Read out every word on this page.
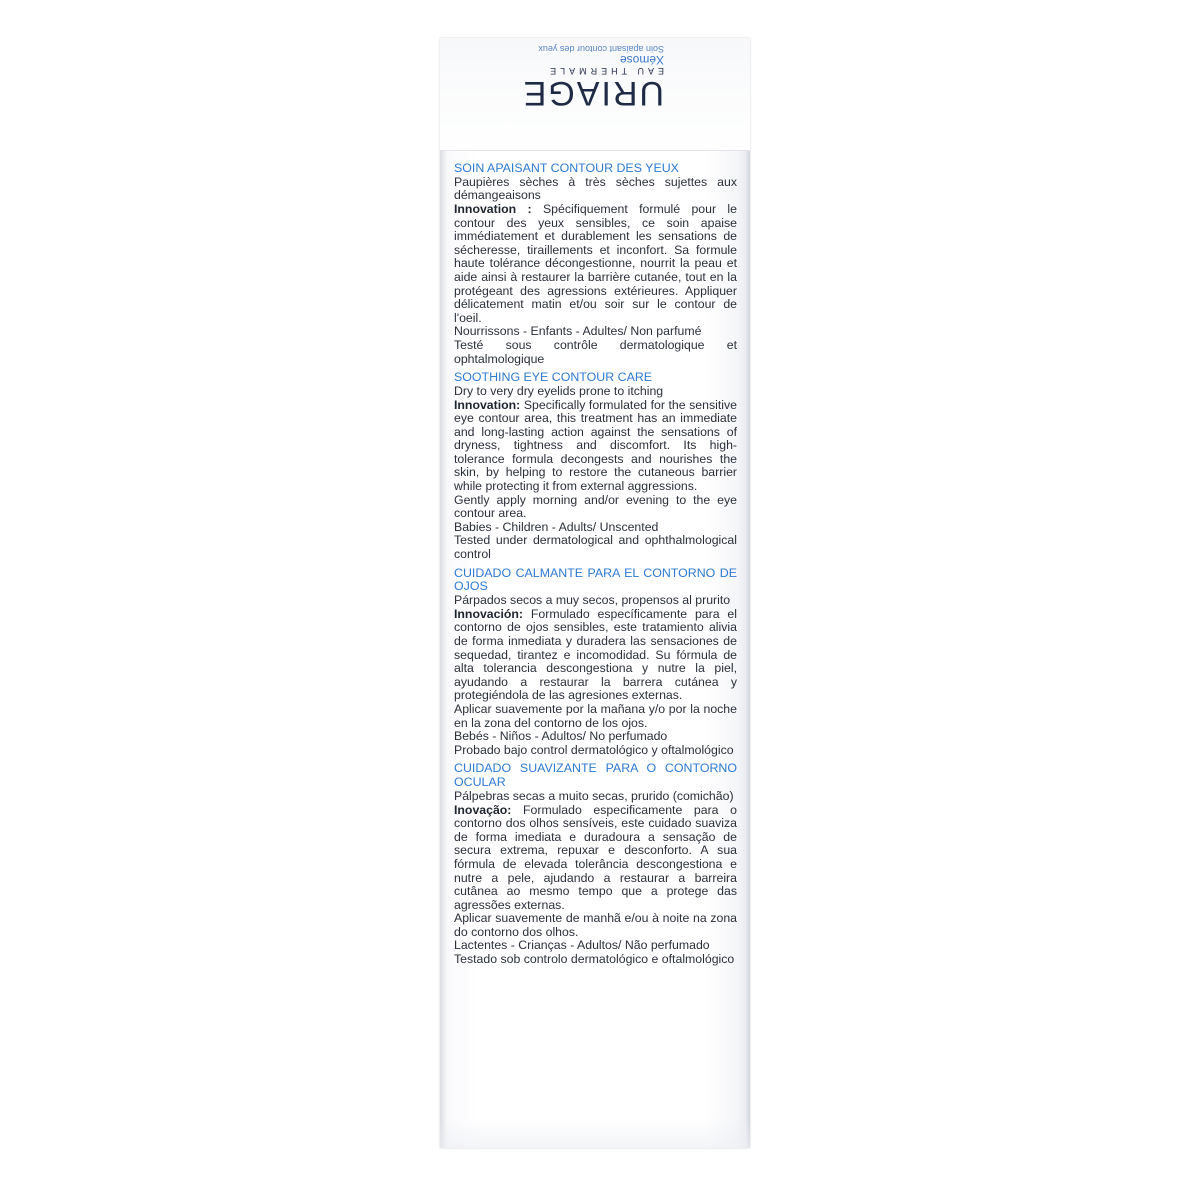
URIAGE
EAU THERMALE
Xémose
Soin apaisant contour des yeux

SOIN APAISANT CONTOUR DES YEUX

Paupières sèches à très sèches sujettes aux démangeaisons

Innovation : Spécifiquement formulé pour le contour des yeux sensibles, ce soin apaise immédiatement et durablement les sensations de sécheresse, tiraillements et inconfort. Sa formule haute tolérance décongestionne, nourrit la peau et aide ainsi à restaurer la barrière cutanée, tout en la protégeant des agressions extérieures. Appliquer délicatement matin et/ou soir sur le contour de l'oeil.

Nourrissons - Enfants - Adultes/ Non parfumé

Testé sous contrôle dermatologique et ophtalmologique

SOOTHING EYE CONTOUR CARE

Dry to very dry eyelids prone to itching

Innovation: Specifically formulated for the sensitive eye contour area, this treatment has an immediate and long-lasting action against the sensations of dryness, tightness and discomfort. Its high-tolerance formula decongests and nourishes the skin, by helping to restore the cutaneous barrier while protecting it from external aggressions.

Gently apply morning and/or evening to the eye contour area.

Babies - Children - Adults/ Unscented

Tested under dermatological and ophthalmological control

CUIDADO CALMANTE PARA EL CONTORNO DE OJOS

Párpados secos a muy secos, propensos al prurito

Innovación: Formulado específicamente para el contorno de ojos sensibles, este tratamiento alivia de forma inmediata y duradera las sensaciones de sequedad, tirantez e incomodidad. Su fórmula de alta tolerancia descongestiona y nutre la piel, ayudando a restaurar la barrera cutánea y protegiéndola de las agresiones externas.

Aplicar suavemente por la mañana y/o por la noche en la zona del contorno de los ojos.

Bebés - Niños - Adultos/ No perfumado

Probado bajo control dermatológico y oftalmológico

CUIDADO SUAVIZANTE PARA O CONTORNO OCULAR

Pálpebras secas a muito secas, prurido (comichão)

Inovação: Formulado especificamente para o contorno dos olhos sensíveis, este cuidado suaviza de forma imediata e duradoura a sensação de secura extrema, repuxar e desconforto. A sua fórmula de elevada tolerância descongestiona e nutre a pele, ajudando a restaurar a barreira cutânea ao mesmo tempo que a protege das agressões externas.

Aplicar suavemente de manhã e/ou à noite na zona do contorno dos olhos.

Lactentes - Crianças - Adultos/ Não perfumado

Testado sob controlo dermatológico e oftalmológico
